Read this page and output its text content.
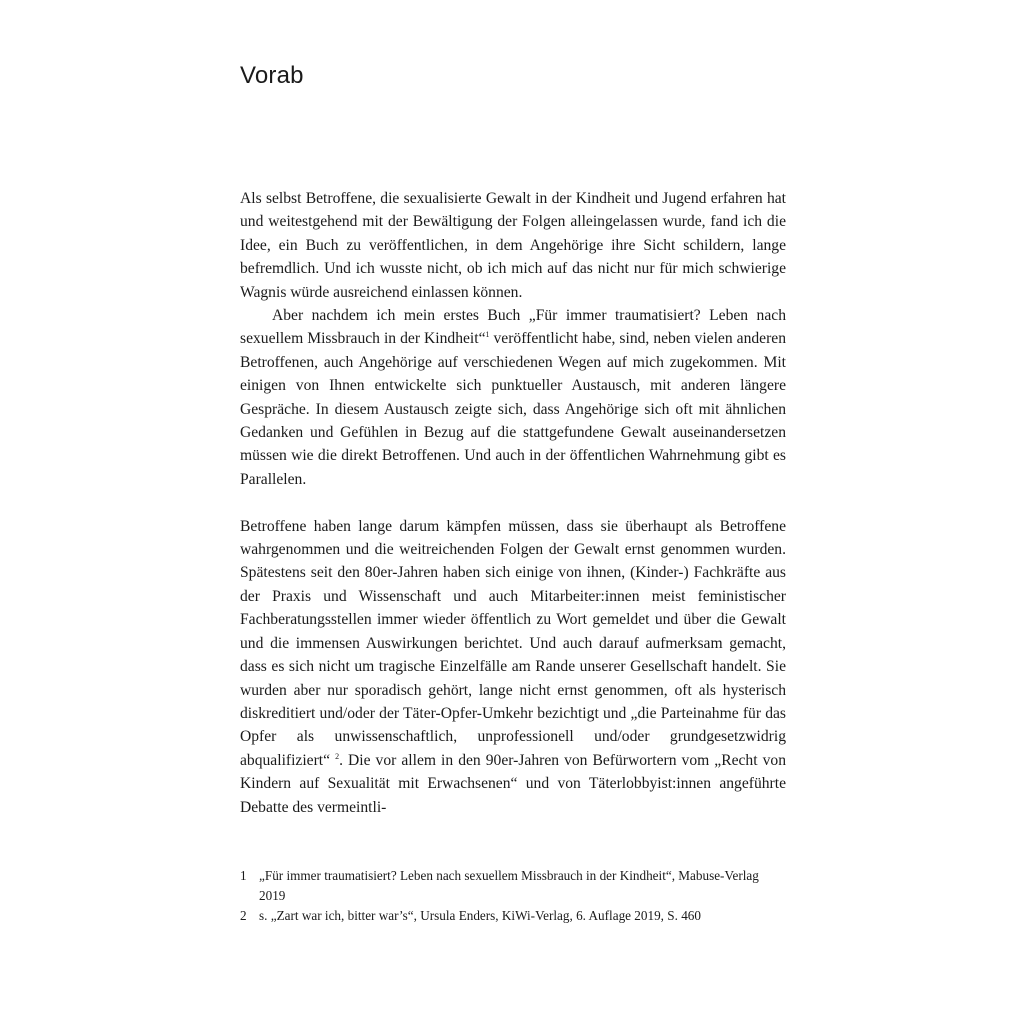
Vorab

Als selbst Betroffene, die sexualisierte Gewalt in der Kindheit und Jugend erfahren hat und weitestgehend mit der Bewältigung der Folgen alleingelassen wurde, fand ich die Idee, ein Buch zu veröffentlichen, in dem Angehörige ihre Sicht schildern, lange befremdlich. Und ich wusste nicht, ob ich mich auf das nicht nur für mich schwierige Wagnis würde ausreichend einlassen können.

Aber nachdem ich mein erstes Buch „Für immer traumatisiert? Leben nach sexuellem Missbrauch in der Kindheit“$^1$ veröffentlicht habe, sind, neben vielen anderen Betroffenen, auch Angehörige auf verschiedenen Wegen auf mich zugekommen. Mit einigen von Ihnen entwickelte sich punktueller Austausch, mit anderen längere Gespräche. In diesem Austausch zeigte sich, dass Angehörige sich oft mit ähnlichen Gedanken und Gefühlen in Bezug auf die stattgefundene Gewalt auseinandersetzen müssen wie die direkt Betroffenen. Und auch in der öffentlichen Wahrnehmung gibt es Parallelen.

Betroffene haben lange darum kämpfen müssen, dass sie überhaupt als Betroffene wahrgenommen und die weitreichenden Folgen der Gewalt ernst genommen wurden. Spätestens seit den 80er-Jahren haben sich einige von ihnen, (Kinder-) Fachkräfte aus der Praxis und Wissenschaft und auch Mitarbeiter:innen meist feministischer Fachberatungsstellen immer wieder öffentlich zu Wort gemeldet und über die Gewalt und die immensen Auswirkungen berichtet. Und auch darauf aufmerksam gemacht, dass es sich nicht um tragische Einzelfälle am Rande unserer Gesellschaft handelt. Sie wurden aber nur sporadisch gehört, lange nicht ernst genommen, oft als hysterisch diskreditiert und/oder der Täter-Opfer-Umkehr bezichtigt und „die Parteinahme für das Opfer als unwissenschaftlich, unprofessionell und/oder grundgesetzwidrig abqualifiziert“ $^2$. Die vor allem in den 90er-Jahren von Befürwortern vom „Recht von Kindern auf Sexualität mit Erwachsenen“ und von Täterlobbyist:innen angeführte Debatte des vermeintli-

1 „Für immer traumatisiert? Leben nach sexuellem Missbrauch in der Kindheit“, Mabuse-Verlag 2019

2 s. „Zart war ich, bitter war’s“, Ursula Enders, KiWi-Verlag, 6. Auflage 2019, S. 460
